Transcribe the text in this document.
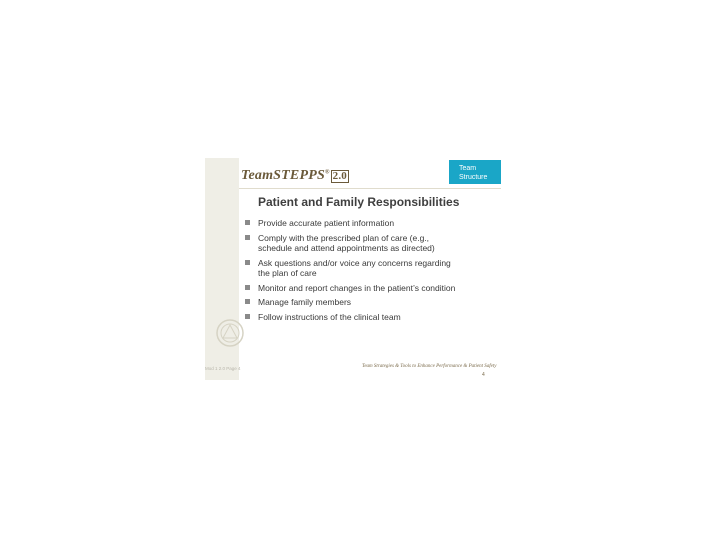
TeamSTEPPS® 2.0
Team
Structure
Patient and Family Responsibilities
Provide accurate patient information
Comply with the prescribed plan of care (e.g.,
schedule and attend appointments as directed)
Ask questions and/or voice any concerns regarding
the plan of care
Monitor and report changes in the patient’s condition
Manage family members
Follow instructions of the clinical team
Mod 1 2.0 Page 4	Team Strategies & Tools to Enhance Performance & Patient Safety
4
